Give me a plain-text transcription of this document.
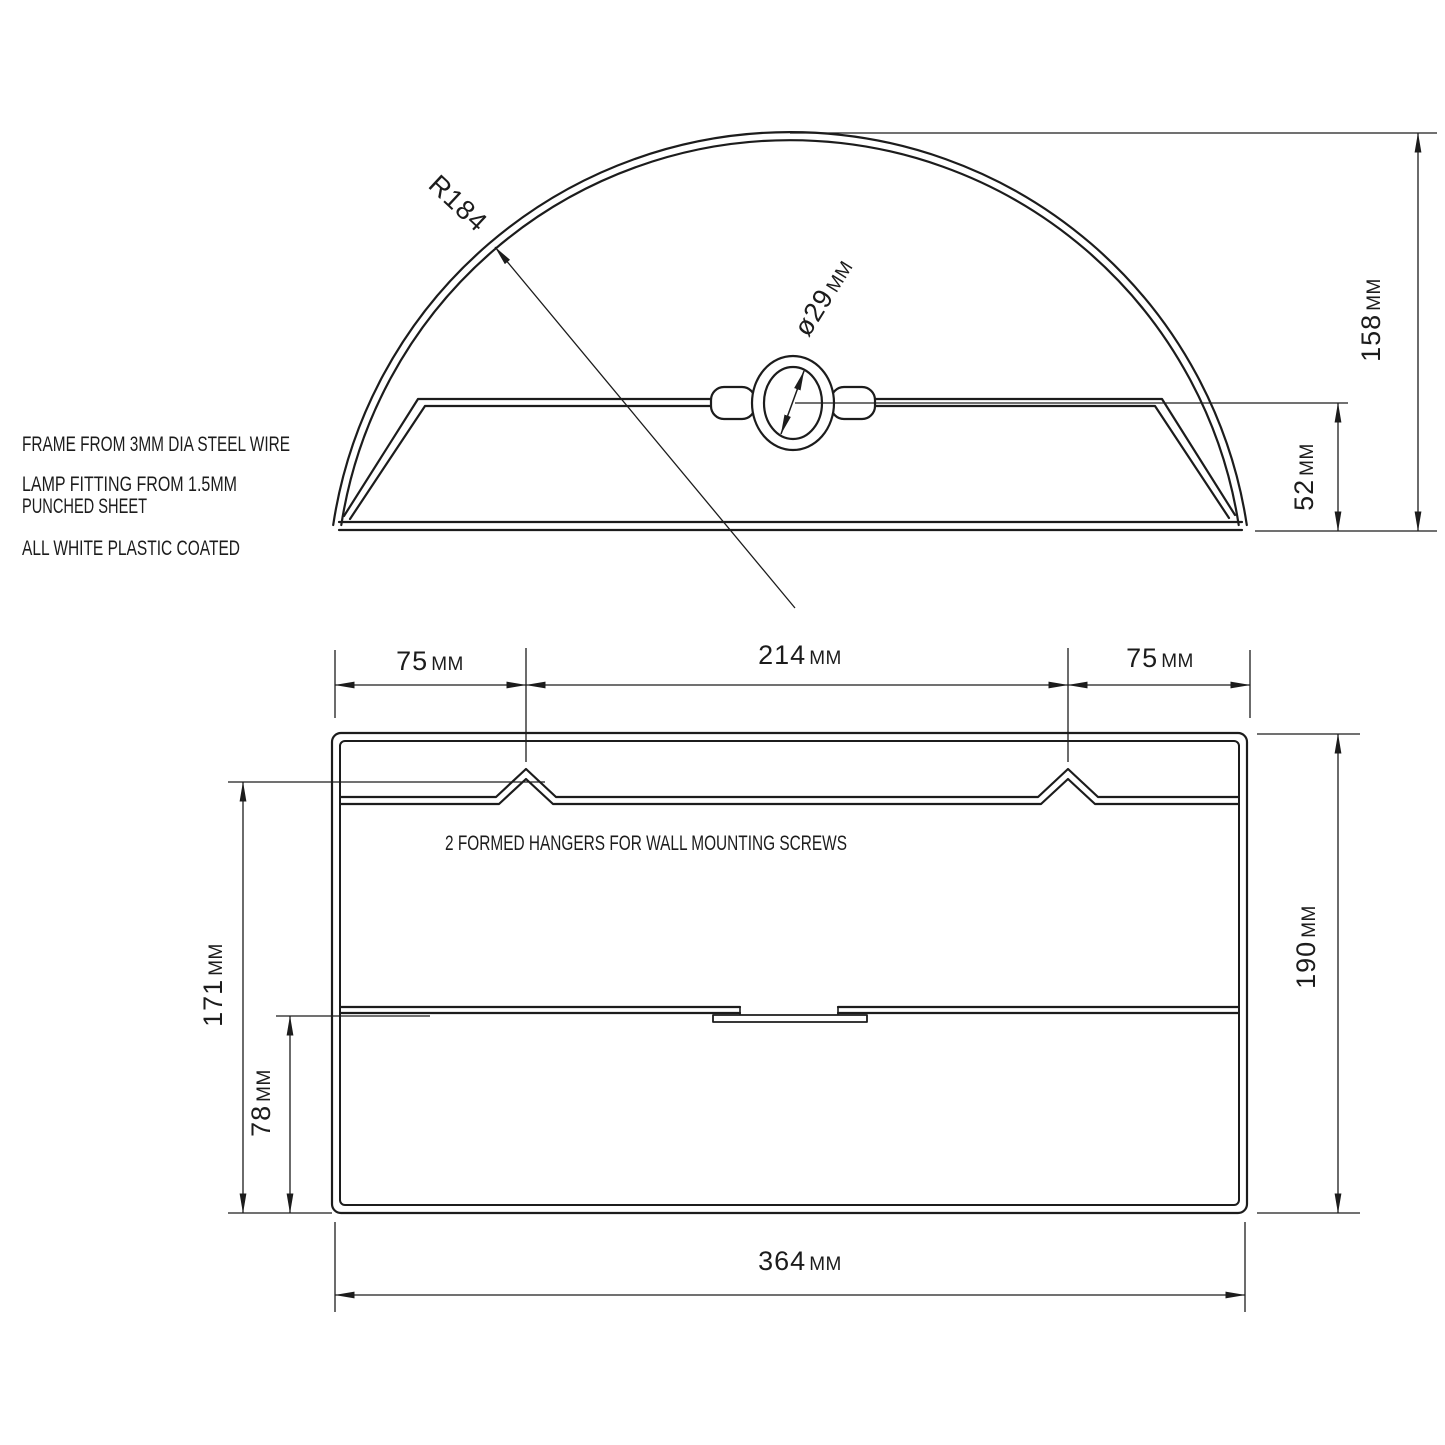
R184
ø29MM
158MM
52MM
75 MM	214 MM	75 MM
171MM
78MM
190MM
364 MM
FRAME FROM 3MM DIA STEEL WIRE
LAMP FITTING FROM 1.5MM
PUNCHED SHEET
ALL WHITE PLASTIC COATED
2 FORMED HANGERS FOR WALL MOUNTING SCREWS
